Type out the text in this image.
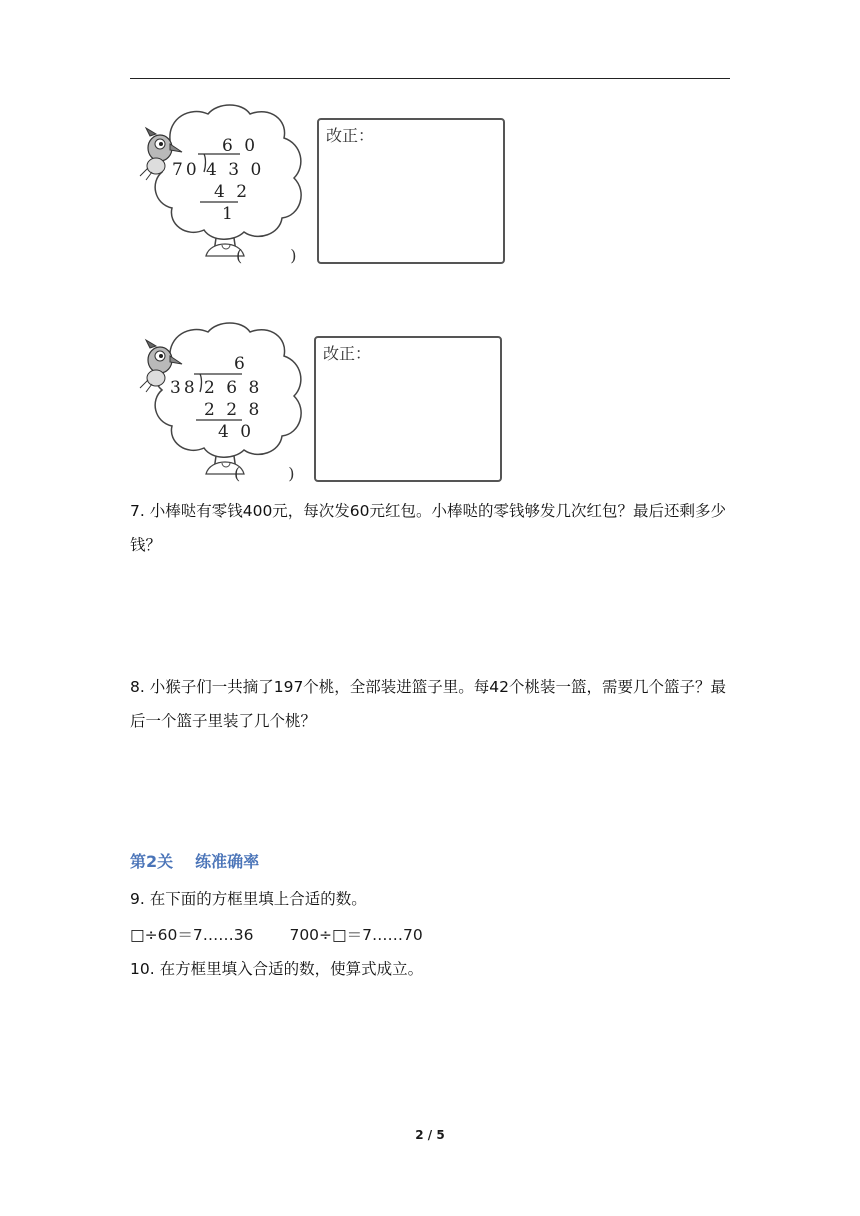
70
6 0
4 3 0
4 2
1
(　　　)
改正：
38
6
2 6 8
2 2 8
4 0
(　　　)
改正：
7. 小棒哒有零钱400元，每次发60元红包。小棒哒的零钱够发几次红包？最后还剩多少钱？
8. 小猴子们一共摘了197个桃，全部装进篮子里。每42个桃装一篮，需要几个篮子？最后一个篮子里装了几个桃？
第2关 练准确率
9. 在下面的方框里填上合适的数。
□÷60＝7……36 700÷□＝7……70
10. 在方框里填入合适的数，使算式成立。
2 / 5
